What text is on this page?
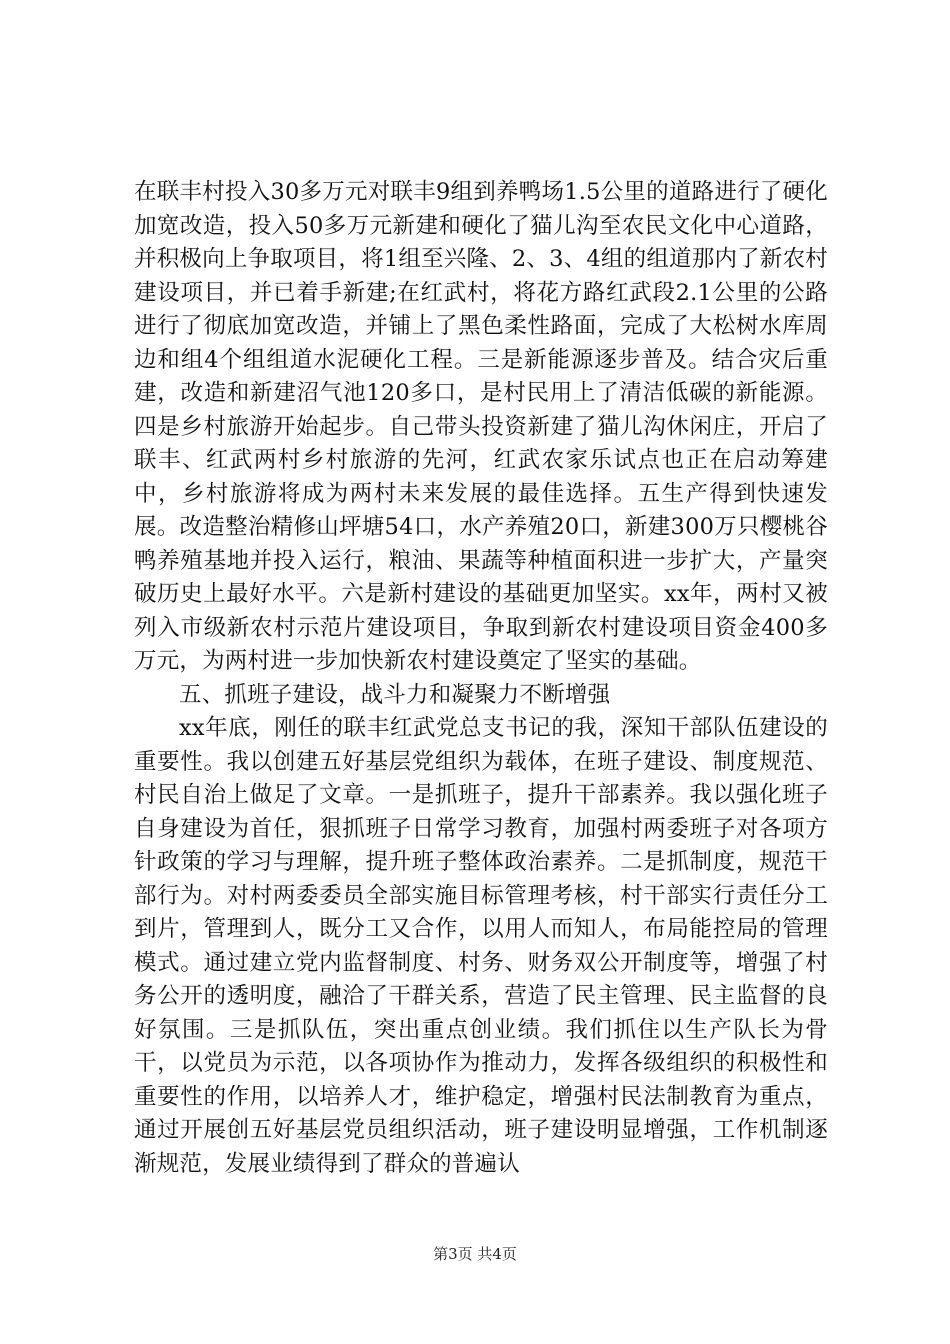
在联丰村投入30多万元对联丰9组到养鸭场1.5公里的道路进行了硬化加宽改造，投入50多万元新建和硬化了猫儿沟至农民文化中心道路，并积极向上争取项目，将1组至兴隆、2、3、4组的组道那内了新农村建设项目，并已着手新建;在红武村，将花方路红武段2.1公里的公路进行了彻底加宽改造，并铺上了黑色柔性路面，完成了大松树水库周边和组4个组组道水泥硬化工程。三是新能源逐步普及。结合灾后重建，改造和新建沼气池120多口，是村民用上了清洁低碳的新能源。四是乡村旅游开始起步。自己带头投资新建了猫儿沟休闲庄，开启了联丰、红武两村乡村旅游的先河，红武农家乐试点也正在启动筹建中，乡村旅游将成为两村未来发展的最佳选择。五生产得到快速发展。改造整治精修山坪塘54口，水产养殖20口，新建300万只樱桃谷鸭养殖基地并投入运行，粮油、果蔬等种植面积进一步扩大，产量突破历史上最好水平。六是新村建设的基础更加坚实。xx年，两村又被列入市级新农村示范片建设项目，争取到新农村建设项目资金400多万元，为两村进一步加快新农村建设奠定了坚实的基础。

五、抓班子建设，战斗力和凝聚力不断增强

xx年底，刚任的联丰红武党总支书记的我，深知干部队伍建设的重要性。我以创建五好基层党组织为载体，在班子建设、制度规范、村民自治上做足了文章。一是抓班子，提升干部素养。我以强化班子自身建设为首任，狠抓班子日常学习教育，加强村两委班子对各项方针政策的学习与理解，提升班子整体政治素养。二是抓制度，规范干部行为。对村两委委员全部实施目标管理考核，村干部实行责任分工到片，管理到人，既分工又合作，以用人而知人，布局能控局的管理模式。通过建立党内监督制度、村务、财务双公开制度等，增强了村务公开的透明度，融洽了干群关系，营造了民主管理、民主监督的良好氛围。三是抓队伍，突出重点创业绩。我们抓住以生产队长为骨干，以党员为示范，以各项协作为推动力，发挥各级组织的积极性和重要性的作用，以培养人才，维护稳定，增强村民法制教育为重点，通过开展创五好基层党员组织活动，班子建设明显增强，工作机制逐渐规范，发展业绩得到了群众的普遍认

第3页 共4页
